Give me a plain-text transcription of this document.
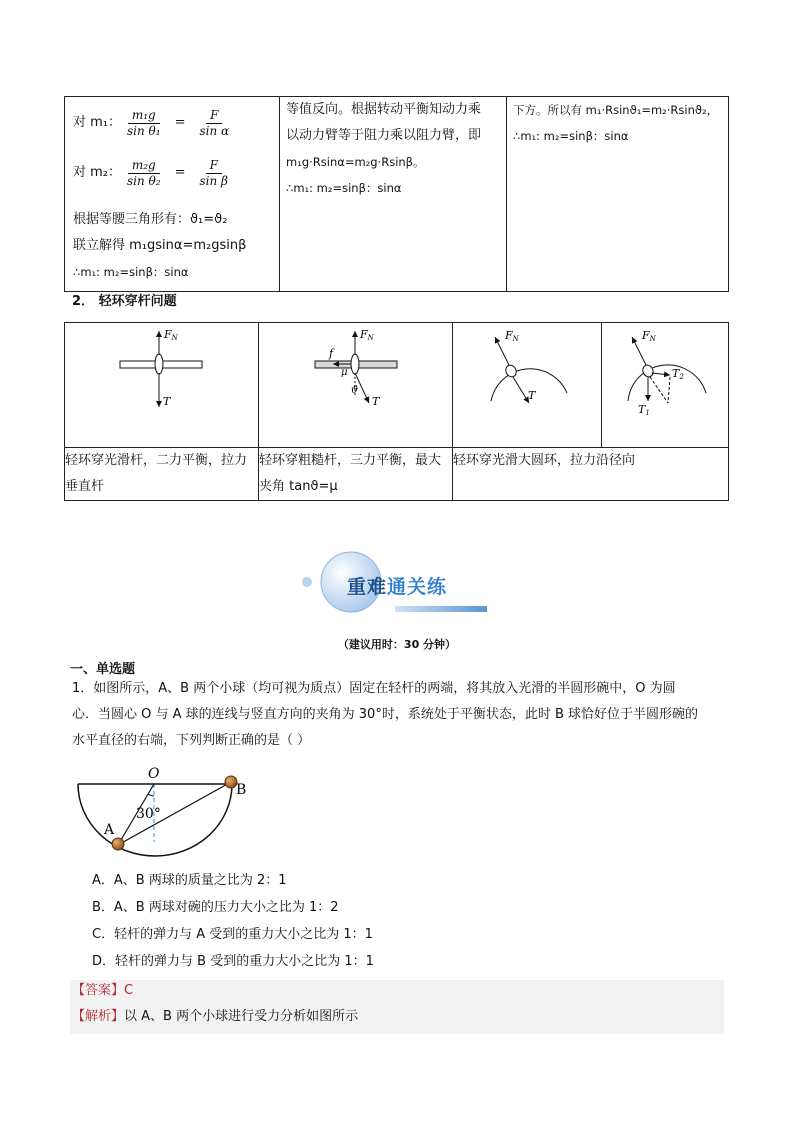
对 m₁： $\frac{\text{m₁g}}{\text{sin θ₁}} = \frac{F}{\text{sin α}}$
对 m₂： $\frac{\text{m₂g}}{\text{sin θ₂}} = \frac{F}{\text{sin β}}$
根据等腰三角形有：ϑ₁=ϑ₂
联立解得 m₁gsinα=m₂gsinβ
∴m₁: m₂=sinβ：sinα

等值反向。根据转动平衡知动力乘
以动力臂等于阻力乘以阻力臂，即
m₁g·Rsinα=m₂g·Rsinβ。
∴m₁: m₂=sinβ：sinα

下方。所以有 m₁·Rsinϑ₁=m₂·Rsinϑ₂，
∴m₁: m₂=sinβ：sinα
2． 轻环穿杆问题
FN
T	FN
f
μ
ϑ
T	FN
T	FN
T2
T1

轻环穿光滑杆，二力平衡，拉力垂直杆	轻环穿粗糙杆，三力平衡，最大夹角 tanϑ=μ	轻环穿光滑大圆环，拉力沿径向	
重难通关练
（建议用时：30 分钟）
一、单选题
1．如图所示，A、B 两个小球（均可视为质点）固定在轻杆的两端，将其放入光滑的半圆形碗中，O 为圆
心．当圆心 O 与 A 球的连线与竖直方向的夹角为 30°时，系统处于平衡状态，此时 B 球恰好位于半圆形碗的
水平直径的右端，下列判断正确的是（ ）
O
A
B
30°
A．A、B 两球的质量之比为 2：1
B．A、B 两球对碗的压力大小之比为 1：2
C．轻杆的弹力与 A 受到的重力大小之比为 1：1
D．轻杆的弹力与 B 受到的重力大小之比为 1：1
【答案】C
【解析】以 A、B 两个小球进行受力分析如图所示
